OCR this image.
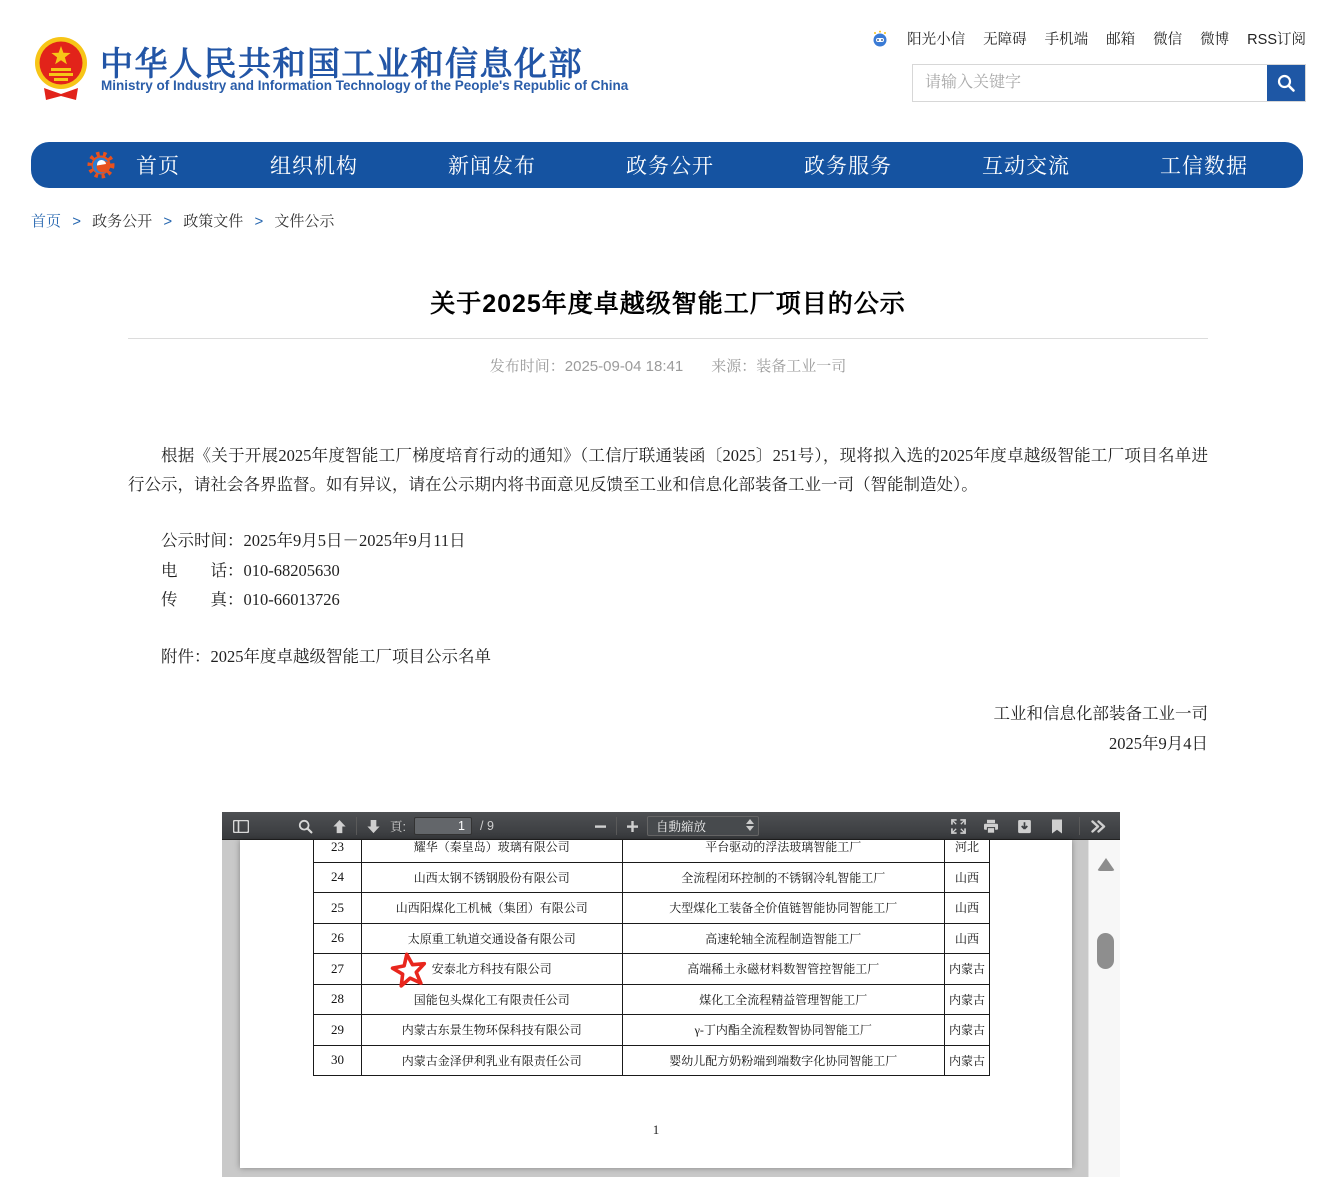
中华人民共和国工业和信息化部
Ministry of Industry and Information Technology of the People's Republic of China
阳光小信 无障碍 手机端 邮箱 微信 微博 RSS订阅
请输入关键字
首页	组织机构	新闻发布	政务公开	政务服务	互动交流	工信数据
首页 > 政务公开 > 政策文件 > 文件公示
关于2025年度卓越级智能工厂项目的公示
发布时间：2025-09-04 18:41 来源：装备工业一司

根据《关于开展2025年度智能工厂梯度培育行动的通知》（工信厅联通装函〔2025〕251号），现将拟入选的2025年度卓越级智能工厂项目名单进行公示，请社会各界监督。如有异议，请在公示期内将书面意见反馈至工业和信息化部装备工业一司（智能制造处）。

公示时间：2025年9月5日－2025年9月11日

电　　话：010-68205630

传　　真：010-66013726

附件：2025年度卓越级智能工厂项目公示名单

工业和信息化部装备工业一司
2025年9月4日
頁:
1	/ 9	自動縮放
23	耀华（秦皇岛）玻璃有限公司	平台驱动的浮法玻璃智能工厂	河北
24	山西太钢不锈钢股份有限公司	全流程闭环控制的不锈钢冷轧智能工厂	山西
25	山西阳煤化工机械（集团）有限公司	大型煤化工装备全价值链智能协同智能工厂	山西
26	太原重工轨道交通设备有限公司	高速轮轴全流程制造智能工厂	山西
27	安泰北方科技有限公司	高端稀土永磁材料数智管控智能工厂	内蒙古
28	国能包头煤化工有限责任公司	煤化工全流程精益管理智能工厂	内蒙古
29	内蒙古东景生物环保科技有限公司	γ-丁内酯全流程数智协同智能工厂	内蒙古
30	内蒙古金泽伊利乳业有限责任公司	婴幼儿配方奶粉端到端数字化协同智能工厂	内蒙古
1
